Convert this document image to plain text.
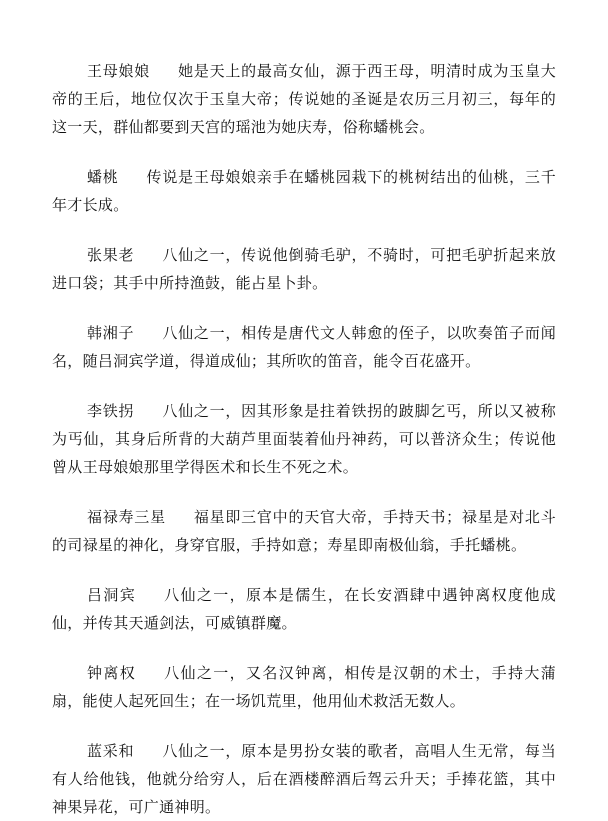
王母娘娘 她是天上的最高女仙，源于西王母，明清时成为玉皇大帝的王后，地位仅次于玉皇大帝；传说她的圣诞是农历三月初三，每年的这一天，群仙都要到天宫的瑶池为她庆寿，俗称蟠桃会。

蟠桃 传说是王母娘娘亲手在蟠桃园栽下的桃树结出的仙桃，三千年才长成。

张果老 八仙之一，传说他倒骑毛驴，不骑时，可把毛驴折起来放进口袋；其手中所持渔鼓，能占星卜卦。

韩湘子 八仙之一，相传是唐代文人韩愈的侄子，以吹奏笛子而闻名，随吕洞宾学道，得道成仙；其所吹的笛音，能令百花盛开。

李铁拐 八仙之一，因其形象是拄着铁拐的跛脚乞丐，所以又被称为丐仙，其身后所背的大葫芦里面装着仙丹神药，可以普济众生；传说他曾从王母娘娘那里学得医术和长生不死之术。

福禄寿三星 福星即三官中的天官大帝，手持天书；禄星是对北斗的司禄星的神化，身穿官服，手持如意；寿星即南极仙翁，手托蟠桃。

吕洞宾 八仙之一，原本是儒生，在长安酒肆中遇钟离权度他成仙，并传其天遁剑法，可威镇群魔。

钟离权 八仙之一，又名汉钟离，相传是汉朝的术士，手持大蒲扇，能使人起死回生；在一场饥荒里，他用仙术救活无数人。

蓝采和 八仙之一，原本是男扮女装的歌者，高唱人生无常，每当有人给他钱，他就分给穷人，后在酒楼醉酒后驾云升天；手捧花篮，其中神果异花，可广通神明。
